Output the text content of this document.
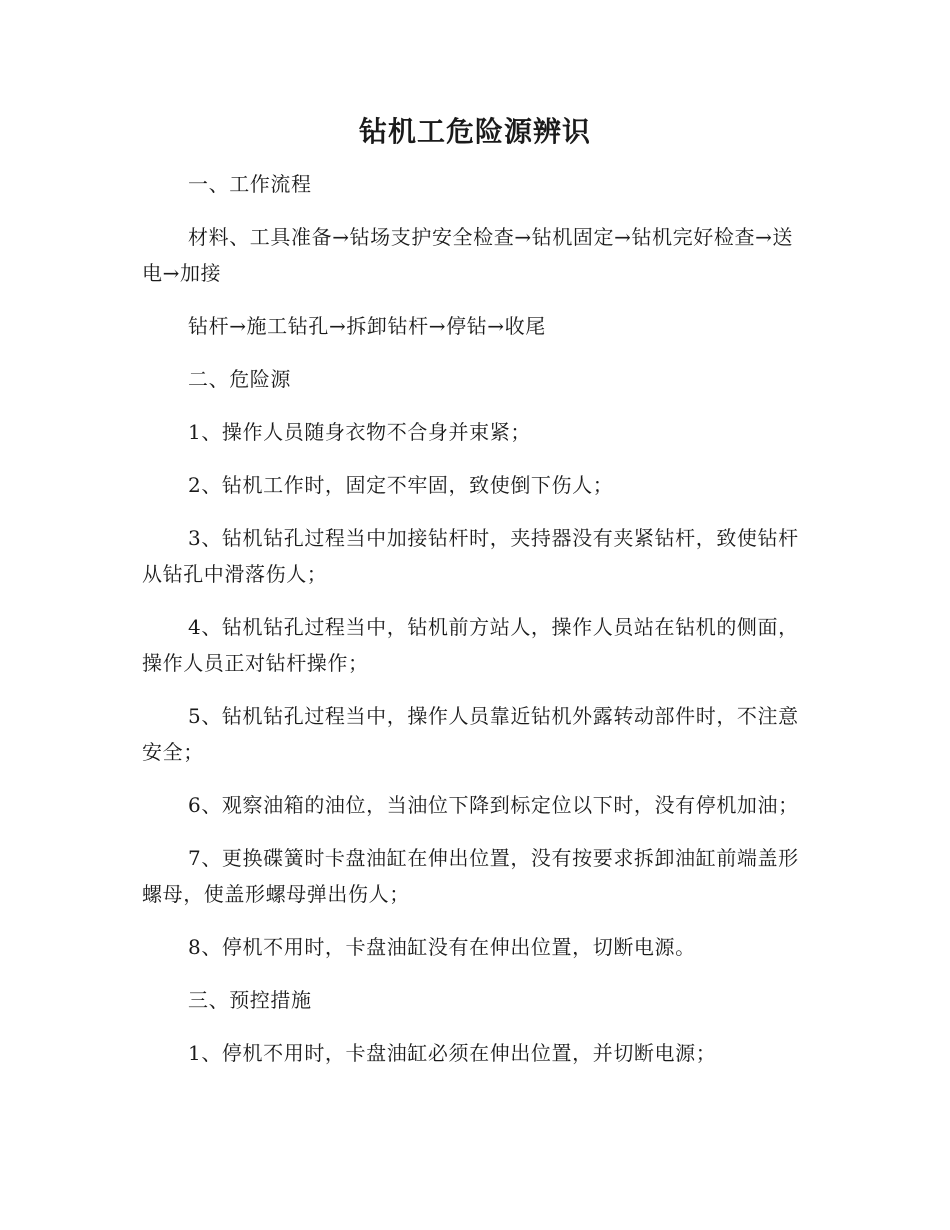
钻机工危险源辨识

一、工作流程

材料、工具准备→钻场支护安全检查→钻机固定→钻机完好检查→送电→加接

钻杆→施工钻孔→拆卸钻杆→停钻→收尾

二、危险源

1、操作人员随身衣物不合身并束紧；

2、钻机工作时，固定不牢固，致使倒下伤人；

3、钻机钻孔过程当中加接钻杆时，夹持器没有夹紧钻杆，致使钻杆从钻孔中滑落伤人；

4、钻机钻孔过程当中，钻机前方站人，操作人员站在钻机的侧面，操作人员正对钻杆操作；

5、钻机钻孔过程当中，操作人员靠近钻机外露转动部件时，不注意安全；

6、观察油箱的油位，当油位下降到标定位以下时，没有停机加油；

7、更换碟簧时卡盘油缸在伸出位置，没有按要求拆卸油缸前端盖形螺母，使盖形螺母弹出伤人；

8、停机不用时，卡盘油缸没有在伸出位置，切断电源。

三、预控措施

1、停机不用时，卡盘油缸必须在伸出位置，并切断电源；
